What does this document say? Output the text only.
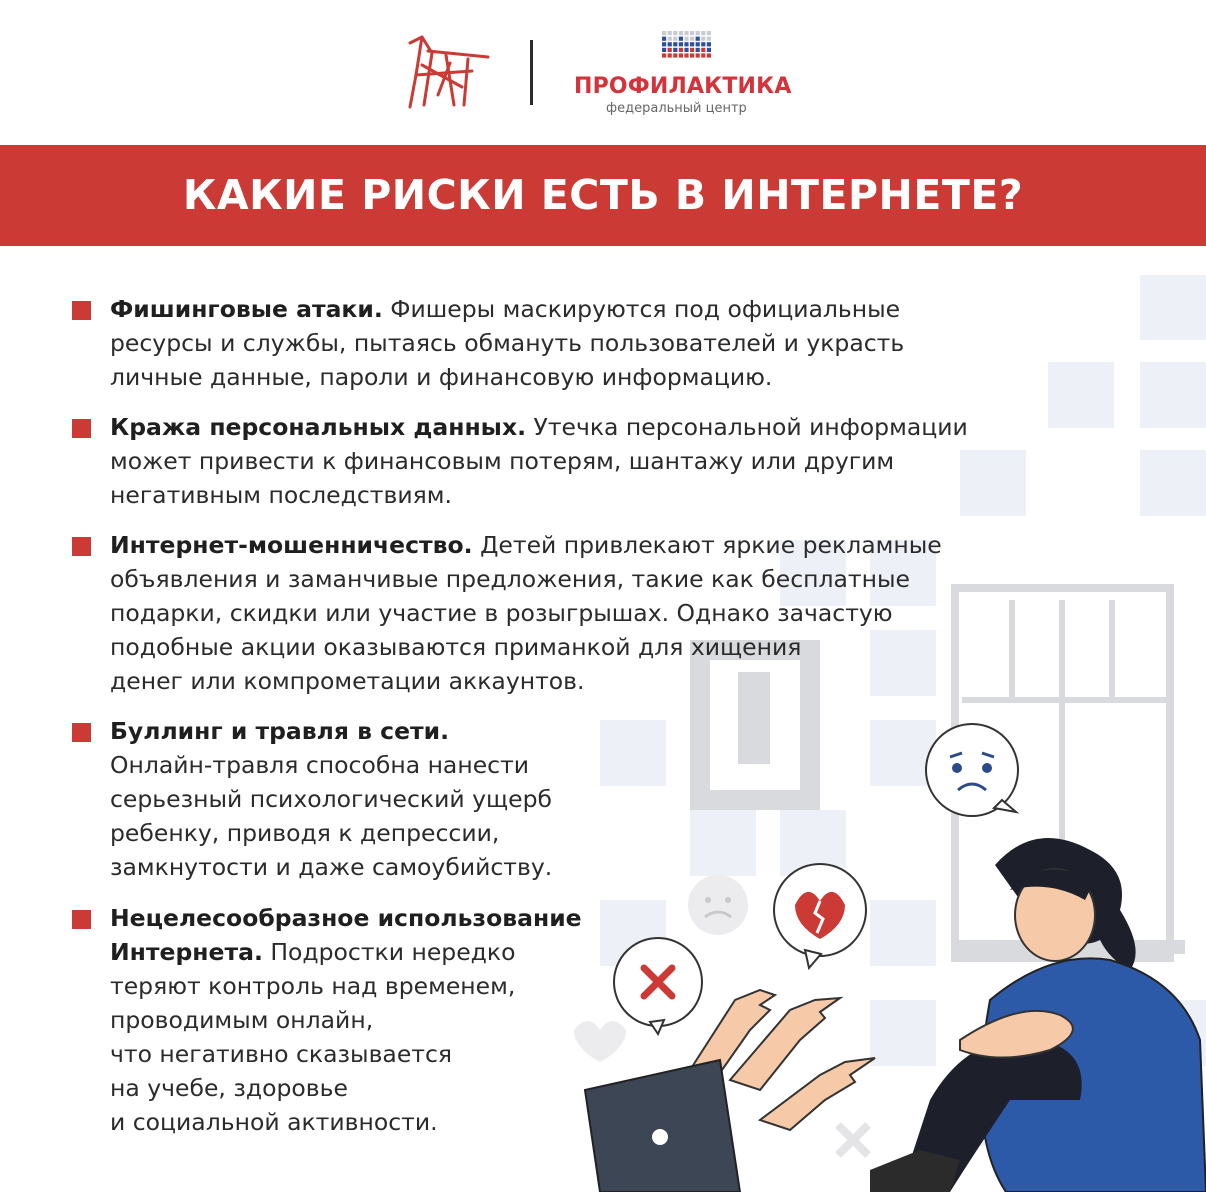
ПРОФИЛАКТИКА
федеральный центр
КАКИЕ РИСКИ ЕСТЬ В ИНТЕРНЕТЕ?

Фишинговые атаки. Фишеры маскируются под официальные
ресурсы и службы, пытаясь обмануть пользователей и украсть
личные данные, пароли и финансовую информацию.

Кража персональных данных. Утечка персональной информации
может привести к финансовым потерям, шантажу или другим
негативным последствиям.

Интернет-мошенничество. Детей привлекают яркие рекламные
объявления и заманчивые предложения, такие как бесплатные
подарки, скидки или участие в розыгрышах. Однако зачастую
подобные акции оказываются приманкой для хищения
денег или компрометации аккаунтов.

Буллинг и травля в сети.
Онлайн-травля способна нанести
серьезный психологический ущерб
ребенку, приводя к депрессии,
замкнутости и даже самоубийству.

Нецелесообразное использование
Интернета. Подростки нередко
теряют контроль над временем,
проводимым онлайн,
что негативно сказывается
на учебе, здоровье
и социальной активности.
